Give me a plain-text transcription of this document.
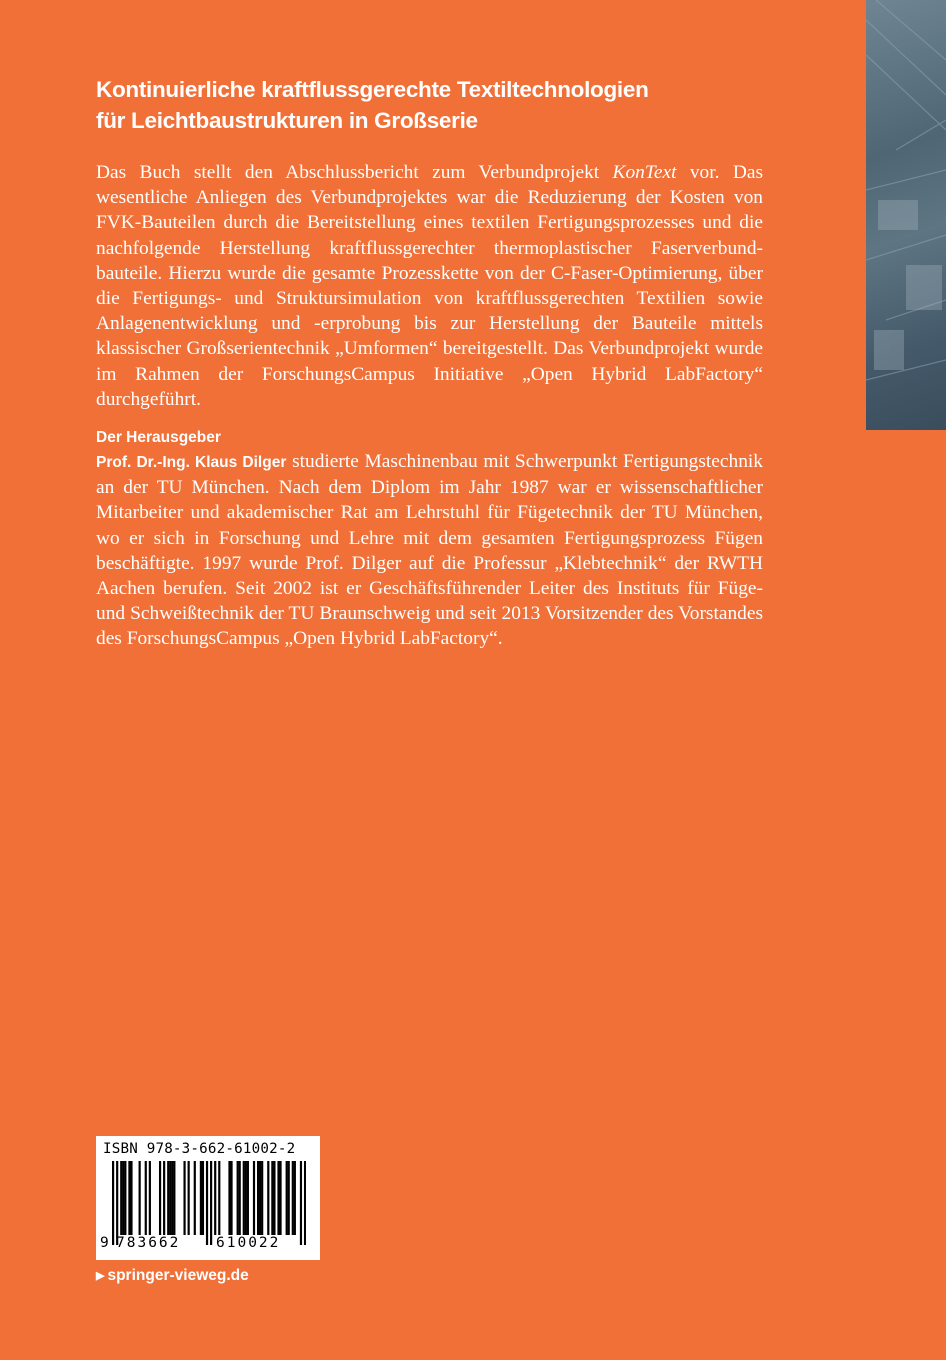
Kontinuierliche kraftflussgerechte Textiltechnologien
für Leichtbaustrukturen in Großserie
Das Buch stellt den Abschlussbericht zum Verbundprojekt KonText vor. Das wesentliche Anliegen des Verbundprojektes war die Reduzierung der Kosten von FVK-Bauteilen durch die Bereitstellung eines textilen Fertigungsprozesses und die nachfolgende Herstellung kraftflussgerechter thermoplastischer Faserverbundbauteile. Hierzu wurde die gesamte Prozesskette von der C-Faser-Optimierung, über die Fertigungs- und Struktursimulation von kraftflussgerechten Textilien sowie Anlagenentwicklung und -erprobung bis zur Herstellung der Bauteile mittels klassischer Großserientechnik „Umformen“ bereitgestellt. Das Verbundprojekt wurde im Rahmen der ForschungsCampus Initiative „Open Hybrid LabFactory“ durchgeführt.
Der Herausgeber
Prof. Dr.-Ing. Klaus Dilger studierte Maschinenbau mit Schwerpunkt Fertigungstechnik an der TU München. Nach dem Diplom im Jahr 1987 war er wissenschaftlicher Mitarbeiter und akademischer Rat am Lehrstuhl für Fügetechnik der TU München, wo er sich in Forschung und Lehre mit dem gesamten Fertigungsprozess Fügen beschäftigte. 1997 wurde Prof. Dilger auf die Professur „Klebtechnik“ der RWTH Aachen berufen. Seit 2002 ist er Geschäftsführender Leiter des Instituts für Füge- und Schweißtechnik der TU Braunschweig und seit 2013 Vorsitzender des Vorstandes des ForschungsCampus „Open Hybrid LabFactory“.
ISBN 978-3-662-61002-2
9 783662 610022
▶ springer-vieweg.de
